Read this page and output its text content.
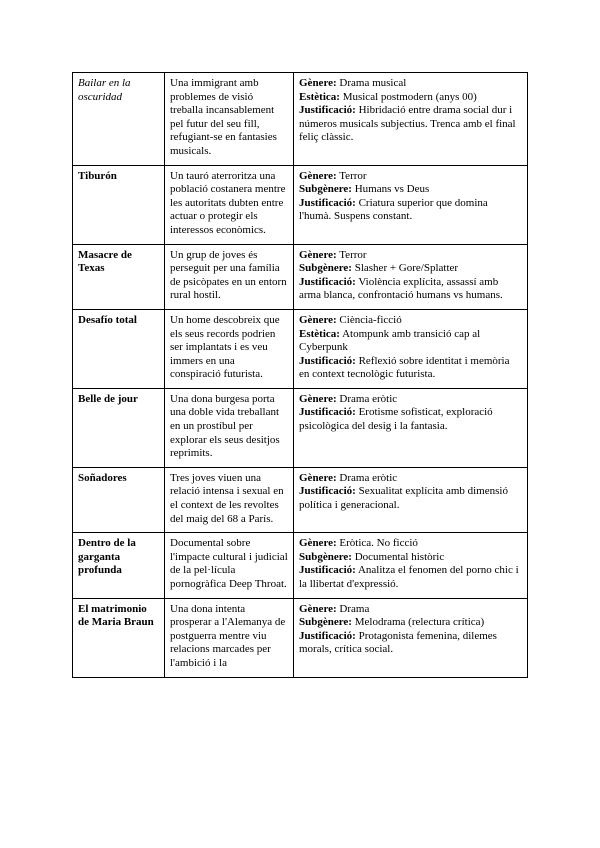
Bailar en la oscuridad	Una immigrant amb problemes de visió treballa incansablement pel futur del seu fill, refugiant-se en fantasies musicals.	Gènere: Drama musical
Estètica: Musical postmodern (anys 00)
Justificació: Hibridació entre drama social dur i números musicals subjectius. Trenca amb el final feliç clàssic.

Tiburón	Un tauró aterroritza una població costanera mentre les autoritats dubten entre actuar o protegir els interessos econòmics.	Gènere: Terror
Subgènere: Humans vs Deus
Justificació: Criatura superior que domina l'humà. Suspens constant.

Masacre de Texas	Un grup de joves és perseguit per una família de psicòpates en un entorn rural hostil.	Gènere: Terror
Subgènere: Slasher + Gore/Splatter
Justificació: Violència explícita, assassí amb arma blanca, confrontació humans vs humans.

Desafío total	Un home descobreix que els seus records podrien ser implantats i es veu immers en una conspiració futurista.	Gènere: Ciència-ficció
Estètica: Atompunk amb transició cap al Cyberpunk
Justificació: Reflexió sobre identitat i memòria en context tecnològic futurista.

Belle de jour	Una dona burgesa porta una doble vida treballant en un prostíbul per explorar els seus desitjos reprimits.	Gènere: Drama eròtic
Justificació: Erotisme sofisticat, exploració psicològica del desig i la fantasia.

Soñadores	Tres joves viuen una relació intensa i sexual en el context de les revoltes del maig del 68 a París.	Gènere: Drama eròtic
Justificació: Sexualitat explícita amb dimensió política i generacional.

Dentro de la garganta profunda	Documental sobre l'impacte cultural i judicial de la pel·lícula pornogràfica Deep Throat.	Gènere: Eròtica. No ficció
Subgènere: Documental històric
Justificació: Analitza el fenomen del porno chic i la llibertat d'expressió.

El matrimonio de Maria Braun	Una dona intenta prosperar a l'Alemanya de postguerra mentre viu relacions marcades per l'ambició i la	Gènere: Drama
Subgènere: Melodrama (relectura crítica)
Justificació: Protagonista femenina, dilemes morals, crítica social.
